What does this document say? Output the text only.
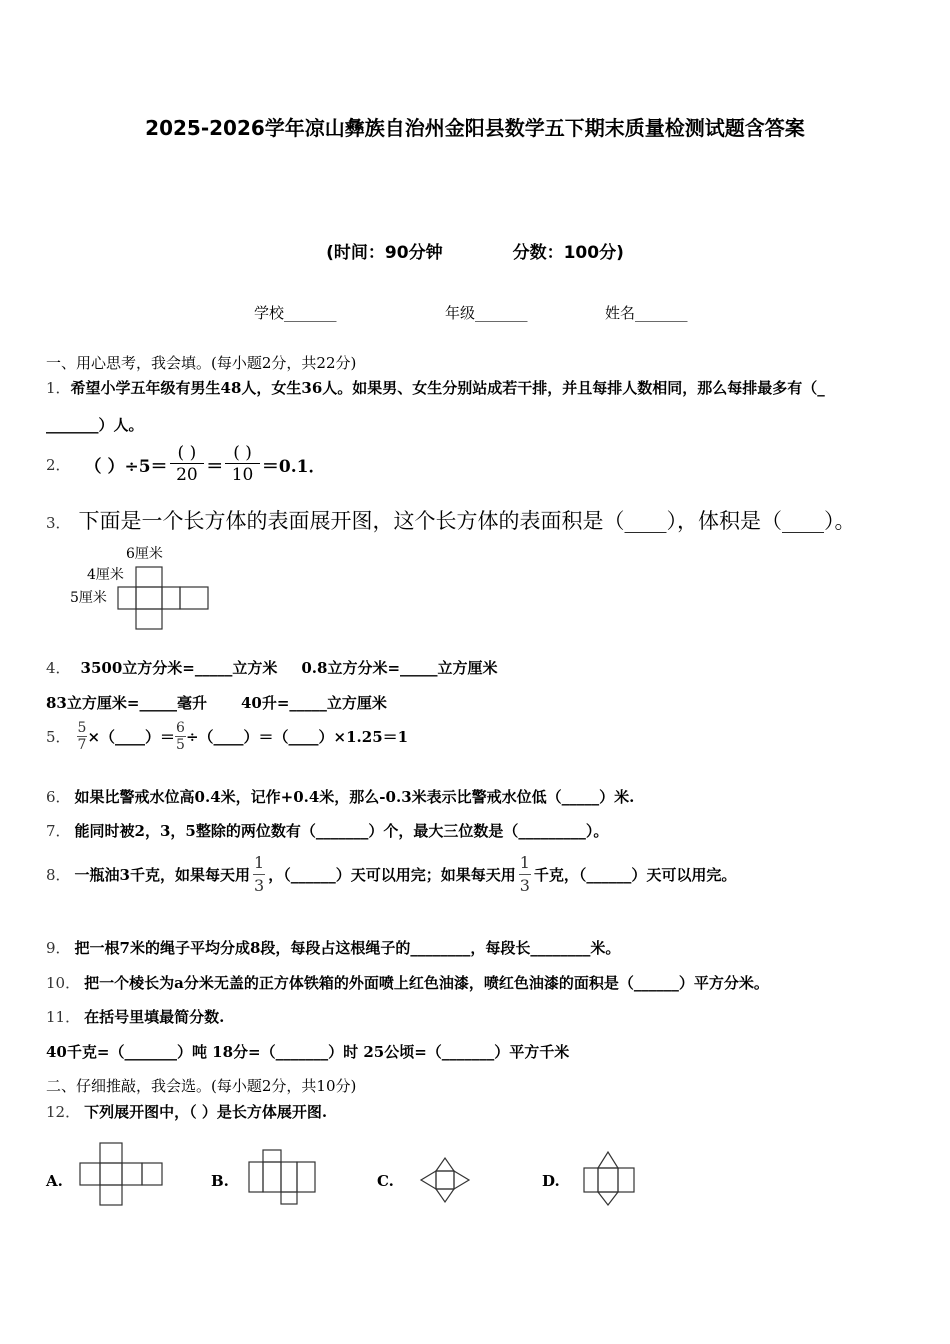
2025-2026学年凉山彝族自治州金阳县数学五下期末质量检测试题含答案
(时间：90分钟	分数：100分)
学校_______	年级_______	姓名_______
一、用心思考，我会填。(每小题2分，共22分)
1．希望小学五年级有男生48人，女生36人。如果男、女生分别站成若干排，并且每排人数相同，那么每排最多有（_
_______）人。
2． （ ）$\div 5= \frac{( )}{20} = \frac{( )}{10} =0.1$．
3． 下面是一个长方体的表面展开图，这个长方体的表面积是（____），体积是（____）。
6厘米
4厘米
5厘米
4． 3500立方分米=_____立方米 0.8立方分米=_____立方厘米
83立方厘米=_____毫升 40升=_____立方厘米
5． $\frac{5}{7}$ ×（____）＝ $\frac{6}{5}$ ÷（____）＝（____）×1.25＝1
6． 如果比警戒水位高0.4米，记作+0.4米，那么-0.3米表示比警戒水位低（_____）米.
7． 能同时被2，3，5整除的两位数有（_______）个，最大三位数是（_________）。
8． 一瓶油3千克，如果每天用 $\frac{1}{3}$ ，（______）天可以用完；如果每天用 $\frac{1}{3}$ 千克，（______）天可以用完。
9． 把一根7米的绳子平均分成8段，每段占这根绳子的________，每段长________米。
10． 把一个棱长为a分米无盖的正方体铁箱的外面喷上红色油漆，喷红色油漆的面积是（______）平方分米。
11． 在括号里填最简分数.
40千克=（_______）吨 18分=（_______）时 25公顷=（_______）平方千米
二、仔细推敲，我会选。(每小题2分，共10分)
12． 下列展开图中，（ ）是长方体展开图.
A.	B.	C.	D.
